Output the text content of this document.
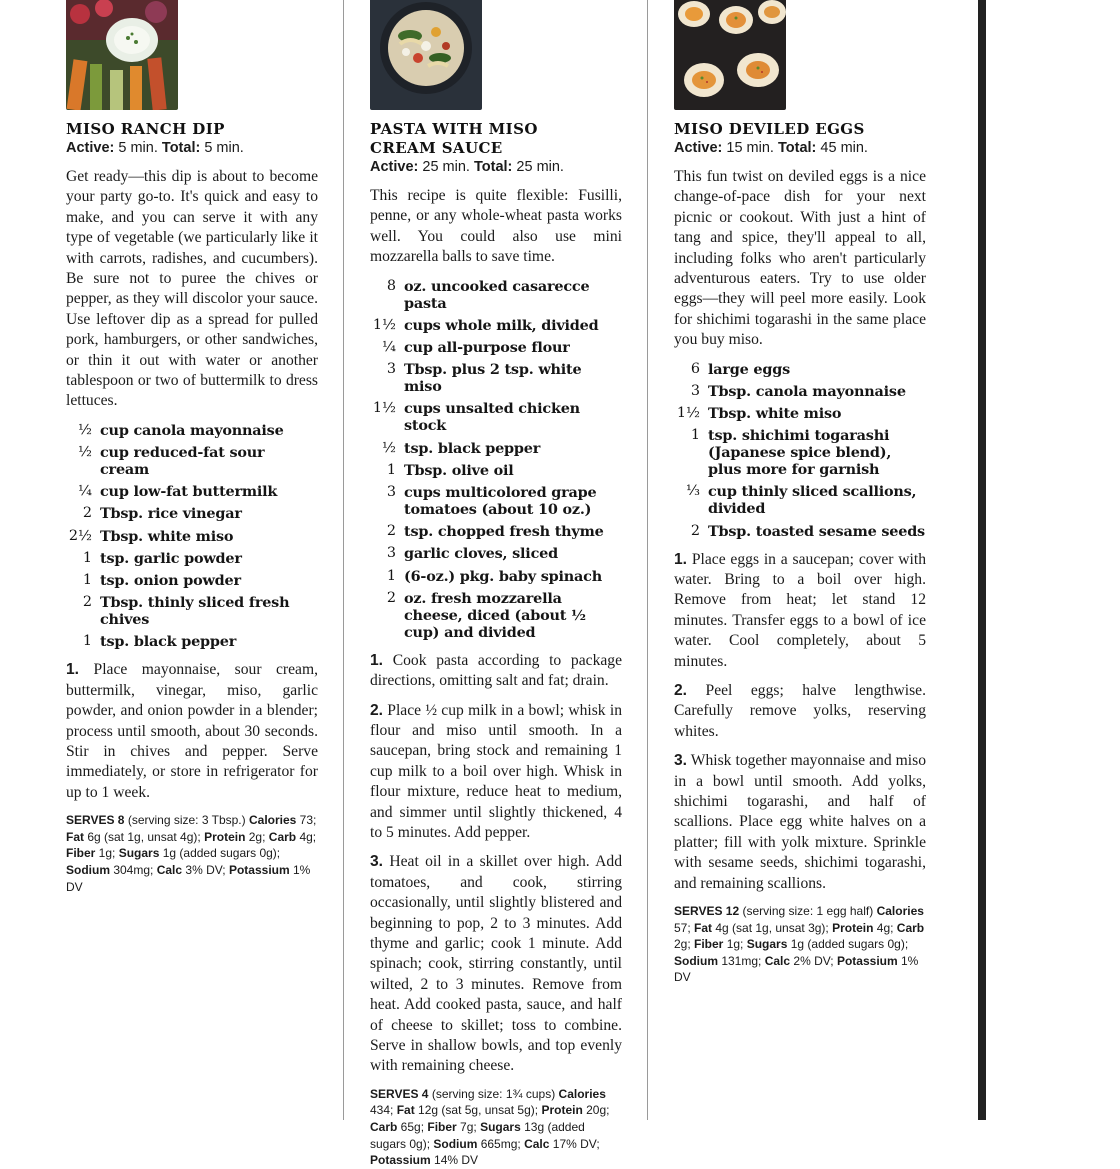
MISO RANCH DIP
Active: 5 min. Total: 5 min.

Get ready—this dip is about to become your party go-to. It's quick and easy to make, and you can serve it with any type of vegetable (we particularly like it with carrots, radishes, and cucumbers). Be sure not to puree the chives or pepper, as they will discolor your sauce. Use leftover dip as a spread for pulled pork, hamburgers, or other sandwiches, or thin it out with water or another tablespoon or two of buttermilk to dress lettuces.

½ cup canola mayonnaise
½ cup reduced-fat sour cream
¼ cup low-fat buttermilk
2 Tbsp. rice vinegar
2½ Tbsp. white miso
1 tsp. garlic powder
1 tsp. onion powder
2 Tbsp. thinly sliced fresh chives
1 tsp. black pepper

1. Place mayonnaise, sour cream, buttermilk, vinegar, miso, garlic powder, and onion powder in a blender; process until smooth, about 30 seconds. Stir in chives and pepper. Serve immediately, or store in refrigerator for up to 1 week.

SERVES 8 (serving size: 3 Tbsp.) Calories 73; Fat 6g (sat 1g, unsat 4g); Protein 2g; Carb 4g; Fiber 1g; Sugars 1g (added sugars 0g); Sodium 304mg; Calc 3% DV; Potassium 1% DV
PASTA WITH MISO CREAM SAUCE
Active: 25 min. Total: 25 min.

This recipe is quite flexible: Fusilli, penne, or any whole-wheat pasta works well. You could also use mini mozzarella balls to save time.

8 oz. uncooked casarecce pasta
1½ cups whole milk, divided
¼ cup all-purpose flour
3 Tbsp. plus 2 tsp. white miso
1½ cups unsalted chicken stock
½ tsp. black pepper
1 Tbsp. olive oil
3 cups multicolored grape tomatoes (about 10 oz.)
2 tsp. chopped fresh thyme
3 garlic cloves, sliced
1 (6-oz.) pkg. baby spinach
2 oz. fresh mozzarella cheese, diced (about ½ cup) and divided

1. Cook pasta according to package directions, omitting salt and fat; drain.

2. Place ½ cup milk in a bowl; whisk in flour and miso until smooth. In a saucepan, bring stock and remaining 1 cup milk to a boil over high. Whisk in flour mixture, reduce heat to medium, and simmer until slightly thickened, 4 to 5 minutes. Add pepper.

3. Heat oil in a skillet over high. Add tomatoes, and cook, stirring occasionally, until slightly blistered and beginning to pop, 2 to 3 minutes. Add thyme and garlic; cook 1 minute. Add spinach; cook, stirring constantly, until wilted, 2 to 3 minutes. Remove from heat. Add cooked pasta, sauce, and half of cheese to skillet; toss to combine. Serve in shallow bowls, and top evenly with remaining cheese.

SERVES 4 (serving size: 1¾ cups) Calories 434; Fat 12g (sat 5g, unsat 5g); Protein 20g; Carb 65g; Fiber 7g; Sugars 13g (added sugars 0g); Sodium 665mg; Calc 17% DV; Potassium 14% DV
MISO DEVILED EGGS
Active: 15 min. Total: 45 min.

This fun twist on deviled eggs is a nice change-of-pace dish for your next picnic or cookout. With just a hint of tang and spice, they'll appeal to all, including folks who aren't particularly adventurous eaters. Try to use older eggs—they will peel more easily. Look for shichimi togarashi in the same place you buy miso.

6 large eggs
3 Tbsp. canola mayonnaise
1½ Tbsp. white miso
1 tsp. shichimi togarashi (Japanese spice blend), plus more for garnish
⅓ cup thinly sliced scallions, divided
2 Tbsp. toasted sesame seeds

1. Place eggs in a saucepan; cover with water. Bring to a boil over high. Remove from heat; let stand 12 minutes. Transfer eggs to a bowl of ice water. Cool completely, about 5 minutes.

2. Peel eggs; halve lengthwise. Carefully remove yolks, reserving whites.

3. Whisk together mayonnaise and miso in a bowl until smooth. Add yolks, shichimi togarashi, and half of scallions. Place egg white halves on a platter; fill with yolk mixture. Sprinkle with sesame seeds, shichimi togarashi, and remaining scallions.

SERVES 12 (serving size: 1 egg half) Calories 57; Fat 4g (sat 1g, unsat 3g); Protein 4g; Carb 2g; Fiber 1g; Sugars 1g (added sugars 0g); Sodium 131mg; Calc 2% DV; Potassium 1% DV
